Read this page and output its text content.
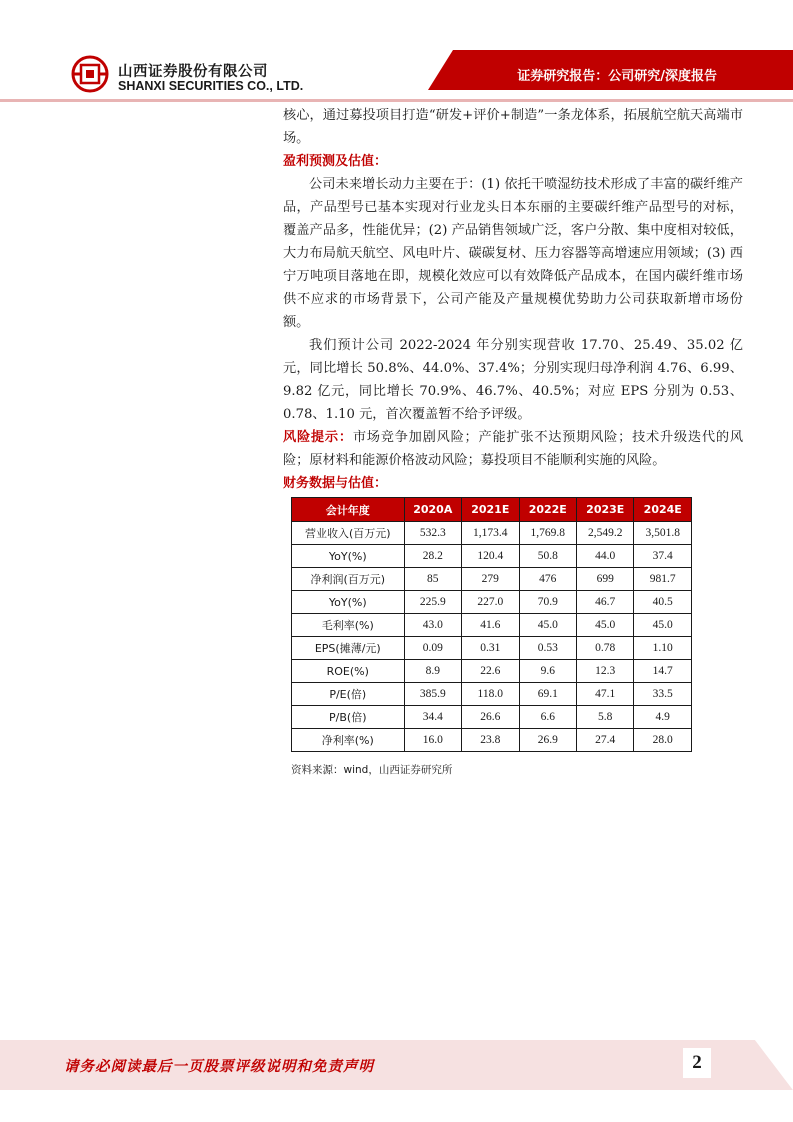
山西证券股份有限公司
SHANXI SECURITIES CO., LTD.
证券研究报告：公司研究/深度报告

核心，通过募投项目打造“研发+评价+制造”一条龙体系，拓展航空航天高端市场。

盈利预测及估值：

公司未来增长动力主要在于：(1) 依托干喷湿纺技术形成了丰富的碳纤维产品，产品型号已基本实现对行业龙头日本东丽的主要碳纤维产品型号的对标，覆盖产品多，性能优异；(2) 产品销售领域广泛，客户分散、集中度相对较低，大力布局航天航空、风电叶片、碳碳复材、压力容器等高增速应用领域；(3) 西宁万吨项目落地在即，规模化效应可以有效降低产品成本，在国内碳纤维市场供不应求的市场背景下，公司产能及产量规模优势助力公司获取新增市场份额。

我们预计公司 2022-2024 年分别实现营收 17.70、25.49、35.02 亿元，同比增长 50.8%、44.0%、37.4%；分别实现归母净利润 4.76、6.99、9.82 亿元，同比增长 70.9%、46.7%、40.5%；对应 EPS 分别为 0.53、0.78、1.10 元，首次覆盖暂不给予评级。

风险提示：市场竞争加剧风险；产能扩张不达预期风险；技术升级迭代的风险；原材料和能源价格波动风险；募投项目不能顺利实施的风险。

财务数据与估值：
会计年度	2020A	2021E	2022E	2023E	2024E
营业收入(百万元)	532.3	1,173.4	1,769.8	2,549.2	3,501.8
YoY(%)	28.2	120.4	50.8	44.0	37.4
净利润(百万元)	85	279	476	699	981.7
YoY(%)	225.9	227.0	70.9	46.7	40.5
毛利率(%)	43.0	41.6	45.0	45.0	45.0
EPS(摊薄/元)	0.09	0.31	0.53	0.78	1.10
ROE(%)	8.9	22.6	9.6	12.3	14.7
P/E(倍)	385.9	118.0	69.1	47.1	33.5
P/B(倍)	34.4	26.6	6.6	5.8	4.9
净利率(%)	16.0	23.8	26.9	27.4	28.0
资料来源：wind，山西证券研究所
请务必阅读最后一页股票评级说明和免责声明	2
